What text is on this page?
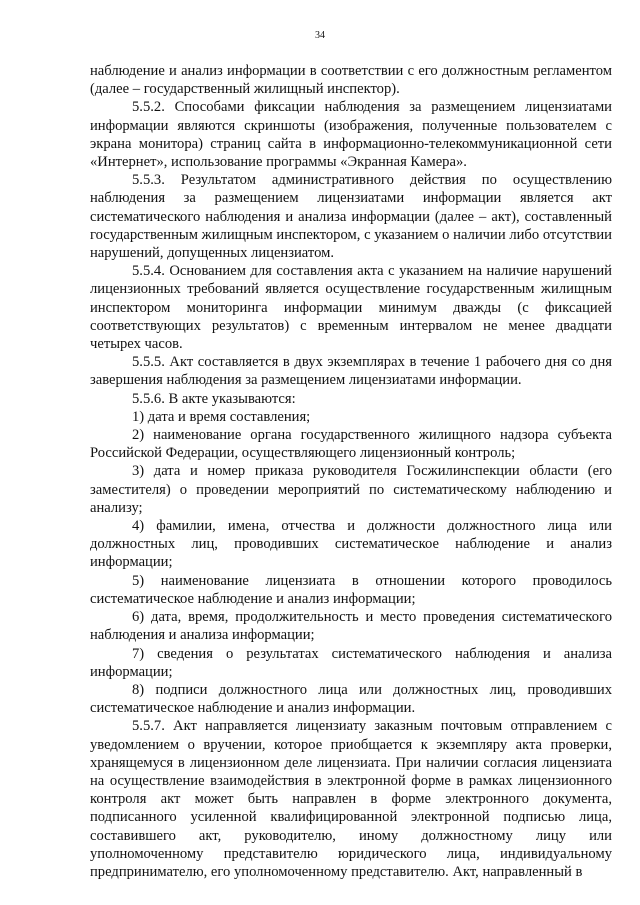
34

наблюдение и анализ информации в соответствии с его должностным регламентом (далее – государственный жилищный инспектор).

5.5.2. Способами фиксации наблюдения за размещением лицензиатами информации являются скриншоты (изображения, полученные пользователем с экрана монитора) страниц сайта в информационно-телекоммуникационной сети «Интернет», использование программы «Экранная Камера».

5.5.3. Результатом административного действия по осуществлению наблюдения за размещением лицензиатами информации является акт систематического наблюдения и анализа информации (далее – акт), составленный государственным жилищным инспектором, с указанием о наличии либо отсутствии нарушений, допущенных лицензиатом.

5.5.4. Основанием для составления акта с указанием на наличие нарушений лицензионных требований является осуществление государственным жилищным инспектором мониторинга информации минимум дважды (с фиксацией соответствующих результатов) с временным интервалом не менее двадцати четырех часов.

5.5.5. Акт составляется в двух экземплярах в течение 1 рабочего дня со дня завершения наблюдения за размещением лицензиатами информации.

5.5.6. В акте указываются:

1) дата и время составления;

2) наименование органа государственного жилищного надзора субъекта Российской Федерации, осуществляющего лицензионный контроль;

3) дата и номер приказа руководителя Госжилинспекции области (его заместителя) о проведении мероприятий по систематическому наблюдению и анализу;

4) фамилии, имена, отчества и должности должностного лица или должностных лиц, проводивших систематическое наблюдение и анализ информации;

5) наименование лицензиата в отношении которого проводилось систематическое наблюдение и анализ информации;

6) дата, время, продолжительность и место проведения систематического наблюдения и анализа информации;

7) сведения о результатах систематического наблюдения и анализа информации;

8) подписи должностного лица или должностных лиц, проводивших систематическое наблюдение и анализ информации.

5.5.7. Акт направляется лицензиату заказным почтовым отправлением с уведомлением о вручении, которое приобщается к экземпляру акта проверки, хранящемуся в лицензионном деле лицензиата. При наличии согласия лицензиата на осуществление взаимодействия в электронной форме в рамках лицензионного контроля акт может быть направлен в форме электронного документа, подписанного усиленной квалифицированной электронной подписью лица, составившего акт, руководителю, иному должностному лицу или уполномоченному представителю юридического лица, индивидуальному предпринимателю, его уполномоченному представителю. Акт, направленный в
